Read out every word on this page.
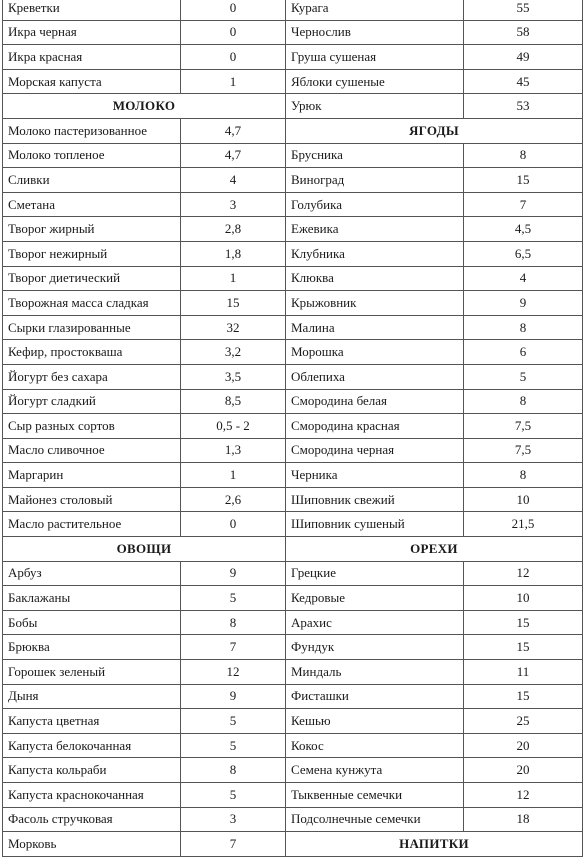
Креветки	0	Курага	55
Икра черная	0	Чернослив	58
Икра красная	0	Груша сушеная	49
Морская капуста	1	Яблоки сушеные	45
МОЛОКО		Урюк	53
Молоко пастеризованное	4,7	ЯГОДЫ	
Молоко топленое	4,7	Брусника	8
Сливки	4	Виноград	15
Сметана	3	Голубика	7
Творог жирный	2,8	Ежевика	4,5
Творог нежирный	1,8	Клубника	6,5
Творог диетический	1	Клюква	4
Творожная масса сладкая	15	Крыжовник	9
Сырки глазированные	32	Малина	8
Кефир, простокваша	3,2	Морошка	6
Йогурт без сахара	3,5	Облепиха	5
Йогурт сладкий	8,5	Смородина белая	8
Сыр разных сортов	0,5 - 2	Смородина красная	7,5
Масло сливочное	1,3	Смородина черная	7,5
Маргарин	1	Черника	8
Майонез столовый	2,6	Шиповник свежий	10
Масло растительное	0	Шиповник сушеный	21,5
ОВОЩИ		ОРЕХИ	
Арбуз	9	Грецкие	12
Баклажаны	5	Кедровые	10
Бобы	8	Арахис	15
Брюква	7	Фундук	15
Горошек зеленый	12	Миндаль	11
Дыня	9	Фисташки	15
Капуста цветная	5	Кешью	25
Капуста белокочанная	5	Кокос	20
Капуста кольраби	8	Семена кунжута	20
Капуста краснокочанная	5	Тыквенные семечки	12
Фасоль стручковая	3	Подсолнечные семечки	18
Морковь	7	НАПИТКИ	
